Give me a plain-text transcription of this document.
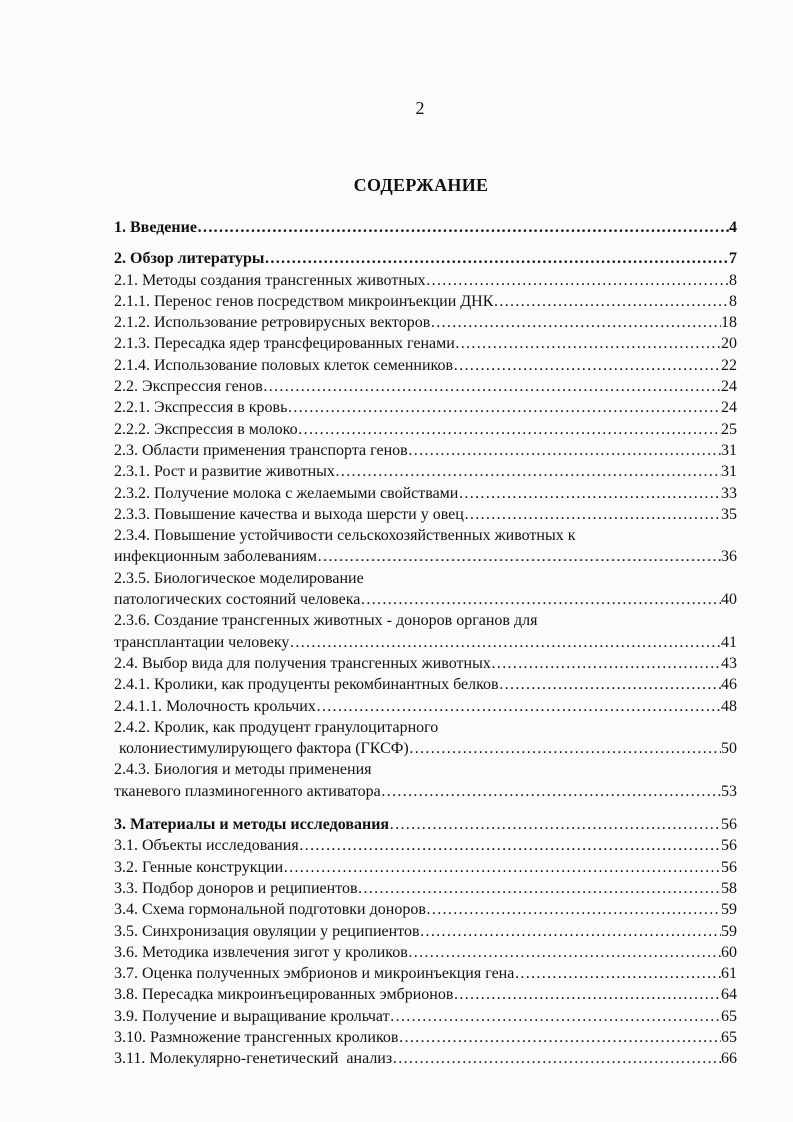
2
СОДЕРЖАНИЕ
1. Введение ……………………………………………………………………………………………………………………………………………………………………………………………………	4
2. Обзор литературы ……………………………………………………………………………………………………………………………………………………………………………………………………	7
2.1. Методы создания трансгенных животных ……………………………………………………………………………………………………………………………………………………………………………………………………	8
2.1.1. Перенос генов посредством микроинъекции ДНК ……………………………………………………………………………………………………………………………………………………………………………………………………	8
2.1.2. Использование ретровирусных векторов ……………………………………………………………………………………………………………………………………………………………………………………………………	18
2.1.3. Пересадка ядер трансфецированных генами ……………………………………………………………………………………………………………………………………………………………………………………………………	20
2.1.4. Использование половых клеток семенников ……………………………………………………………………………………………………………………………………………………………………………………………………	22
2.2. Экспрессия генов ……………………………………………………………………………………………………………………………………………………………………………………………………	24
2.2.1. Экспрессия в кровь ……………………………………………………………………………………………………………………………………………………………………………………………………	24
2.2.2. Экспрессия в молоко ……………………………………………………………………………………………………………………………………………………………………………………………………	25
2.3. Области применения транспорта генов ……………………………………………………………………………………………………………………………………………………………………………………………………	31
2.3.1. Рост и развитие животных ……………………………………………………………………………………………………………………………………………………………………………………………………	31
2.3.2. Получение молока с желаемыми свойствами ……………………………………………………………………………………………………………………………………………………………………………………………………	33
2.3.3. Повышение качества и выхода шерсти у овец ……………………………………………………………………………………………………………………………………………………………………………………………………	35
2.3.4. Повышение устойчивости сельскохозяйственных животных к
инфекционным заболеваниям ……………………………………………………………………………………………………………………………………………………………………………………………………	36
2.3.5. Биологическое моделирование
патологических состояний человека ……………………………………………………………………………………………………………………………………………………………………………………………………	40
2.3.6. Создание трансгенных животных - доноров органов для
трансплантации человеку ……………………………………………………………………………………………………………………………………………………………………………………………………	41
2.4. Выбор вида для получения трансгенных животных ……………………………………………………………………………………………………………………………………………………………………………………………………	43
2.4.1. Кролики, как продуценты рекомбинантных белков ……………………………………………………………………………………………………………………………………………………………………………………………………	46
2.4.1.1. Молочность крольчих ……………………………………………………………………………………………………………………………………………………………………………………………………	48
2.4.2. Кролик, как продуцент гранулоцитарного
колониестимулирующего фактора (ГКСФ) ……………………………………………………………………………………………………………………………………………………………………………………………………	50
2.4.3. Биология и методы применения
тканевого плазминогенного активатора ……………………………………………………………………………………………………………………………………………………………………………………………………	53
3. Материалы и методы исследования ……………………………………………………………………………………………………………………………………………………………………………………………………	56
3.1. Объекты исследования ……………………………………………………………………………………………………………………………………………………………………………………………………	56
3.2. Генные конструкции ……………………………………………………………………………………………………………………………………………………………………………………………………	56
3.3. Подбор доноров и реципиентов ……………………………………………………………………………………………………………………………………………………………………………………………………	58
3.4. Схема гормональной подготовки доноров ……………………………………………………………………………………………………………………………………………………………………………………………………	59
3.5. Синхронизация овуляции у реципиентов ……………………………………………………………………………………………………………………………………………………………………………………………………	59
3.6. Методика извлечения зигот у кроликов ……………………………………………………………………………………………………………………………………………………………………………………………………	60
3.7. Оценка полученных эмбрионов и микроинъекция гена ……………………………………………………………………………………………………………………………………………………………………………………………………	61
3.8. Пересадка микроинъецированных эмбрионов ……………………………………………………………………………………………………………………………………………………………………………………………………	64
3.9. Получение и выращивание крольчат ……………………………………………………………………………………………………………………………………………………………………………………………………	65
3.10. Размножение трансгенных кроликов ……………………………………………………………………………………………………………………………………………………………………………………………………	65
3.11. Молекулярно-генетический  анализ ……………………………………………………………………………………………………………………………………………………………………………………………………	66
